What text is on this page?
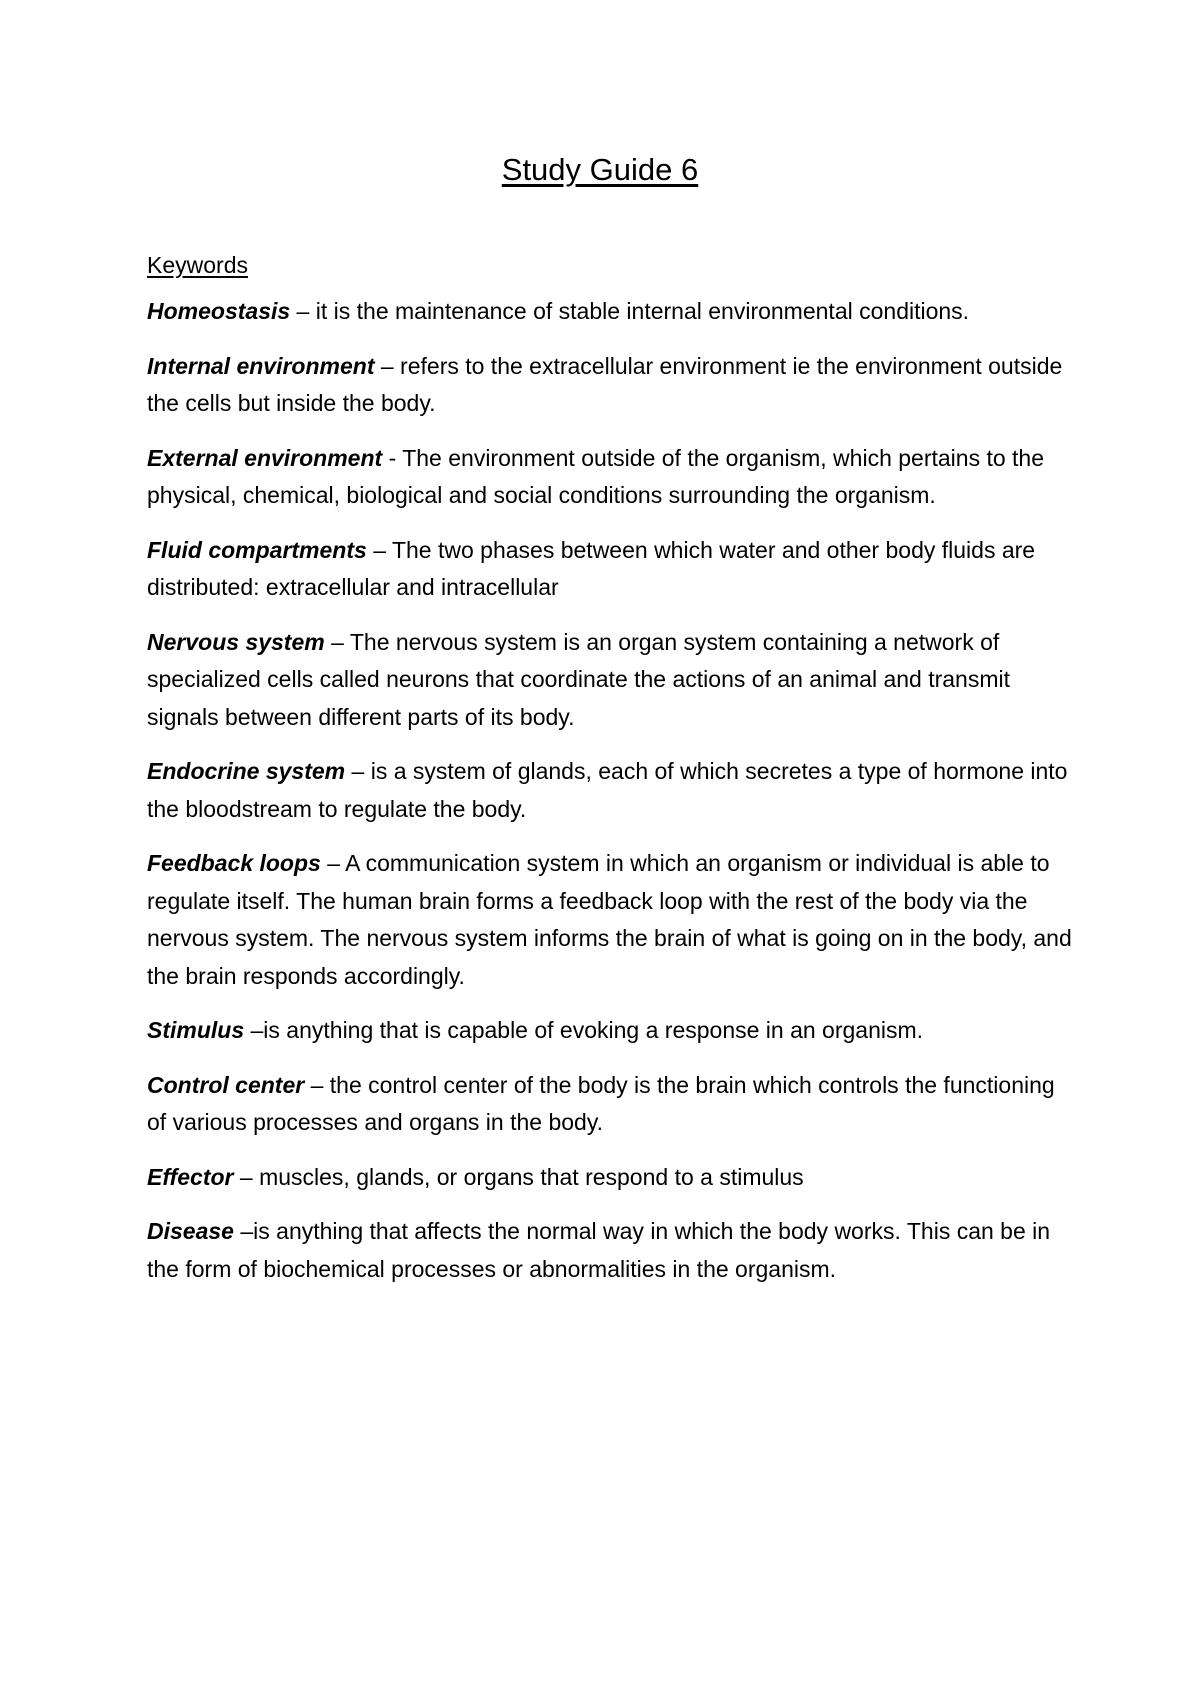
Study Guide 6

Keywords

Homeostasis – it is the maintenance of stable internal environmental conditions.

Internal environment – refers to the extracellular environment ie the environment outside the cells but inside the body.

External environment - The environment outside of the organism, which pertains to the physical, chemical, biological and social conditions surrounding the organism.

Fluid compartments – The two phases between which water and other body fluids are distributed: extracellular and intracellular

Nervous system – The nervous system is an organ system containing a network of specialized cells called neurons that coordinate the actions of an animal and transmit signals between different parts of its body.

Endocrine system – is a system of glands, each of which secretes a type of hormone into the bloodstream to regulate the body.

Feedback loops – A communication system in which an organism or individual is able to regulate itself. The human brain forms a feedback loop with the rest of the body via the nervous system. The nervous system informs the brain of what is going on in the body, and the brain responds accordingly.

Stimulus –is anything that is capable of evoking a response in an organism.

Control center – the control center of the body is the brain which controls the functioning of various processes and organs in the body.

Effector – muscles, glands, or organs that respond to a stimulus

Disease –is anything that affects the normal way in which the body works. This can be in the form of biochemical processes or abnormalities in the organism.
